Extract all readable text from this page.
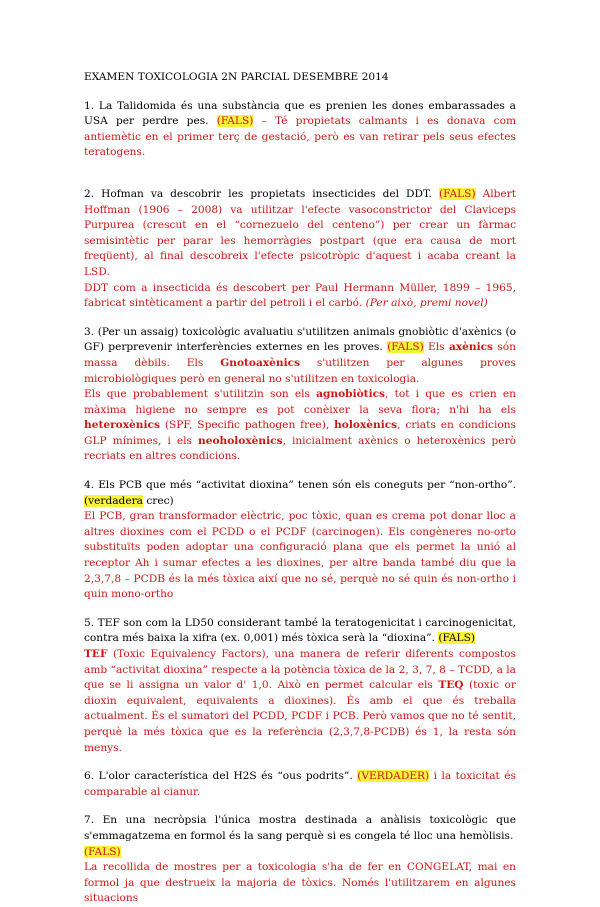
EXAMEN TOXICOLOGIA 2N PARCIAL DESEMBRE 2014

1. La Talidomida és una substància que es prenien les dones embarassades a USA per perdre pes. (FALS) – Té propietats calmants i es donava com antiemètic en el primer terç de gestació, però es van retirar pels seus efectes teratogens.

2. Hofman va descobrir les propietats insecticides del DDT. (FALS) Albert Hoffman (1906 – 2008) va utilitzar l'efecte vasoconstrictor del Claviceps Purpurea (crescut en el “cornezuelo del centeno”) per crear un fàrmac semisintètic per parar les hemorràgies postpart (que era causa de mort freqüent), al final descobreix l'efecte psicotròpic d'aquest i acaba creant la LSD.

DDT com a insecticida és descobert per Paul Hermann Müller, 1899 – 1965, fabricat sintèticament a partir del petroli i el carbó. (Per això, premi novel)

3. (Per un assaig) toxicològic avaluatiu s'utilitzen animals gnobiòtic d'axènics (o GF) perprevenir interferències externes en les proves. (FALS) Els axènics són massa dèbils. Els Gnotoaxènics s'utilitzen per algunes proves microbiològiques però en general no s'utilitzen en toxicologia.

Els que probablement s'utilitzin son els agnobiòtics, tot i que es crien en màxima higiene no sempre es pot conèixer la seva flora; n'hi ha els heteroxènics (SPF, Specific pathogen free), holoxènics, criats en condicions GLP mínimes, i els neoholoxènics, inicialment axènics o heteroxènics però recriats en altres condicions.

4. Els PCB que més “activitat dioxina” tenen són els coneguts per “non-ortho”. (verdadera crec)

El PCB, gran transformador elèctric, poc tòxic, quan es crema pot donar lloc a altres dioxines com el PCDD o el PCDF (carcinogen). Els congèneres no-orto substituïts poden adoptar una configuració plana que els permet la unió al receptor Ah i sumar efectes a les dioxines, per altre banda també diu que la 2,3,7,8 – PCDB és la més tòxica així que no sé, perquè no sé quin és non-ortho i quin mono-ortho

5. TEF son com la LD50 considerant també la teratogenicitat i carcinogenicitat, contra més baixa la xifra (ex. 0,001) més tòxica serà la “dioxina”. (FALS)

TEF (Toxic Equivalency Factors), una manera de referir diferents compostos amb “activitat dioxina” respecte a la potència tòxica de la 2, 3, 7, 8 – TCDD, a la que se li assigna un valor d' 1,0. Això en permet calcular els TEQ (toxic or dioxin equivalent, equivalents a dioxines). És amb el que és treballa actualment. És el sumatori del PCDD, PCDF i PCB. Però vamos que no té sentit, perquè la més tòxica que es la referència (2,3,7,8-PCDB) és 1, la resta són menys.

6. L'olor característica del H2S és “ous podrits”. (VERDADER) i la toxicitat és comparable al cianur.

7. En una necròpsia l'única mostra destinada a anàlisis toxicològic que s'emmagatzema en formol és la sang perquè si es congela té lloc una hemòlisis.

(FALS)

La recollida de mostres per a toxicologia s'ha de fer en CONGELAT, mai en formol ja que destrueix la majoria de tòxics. Només l'utilitzarem en algunes situacions
